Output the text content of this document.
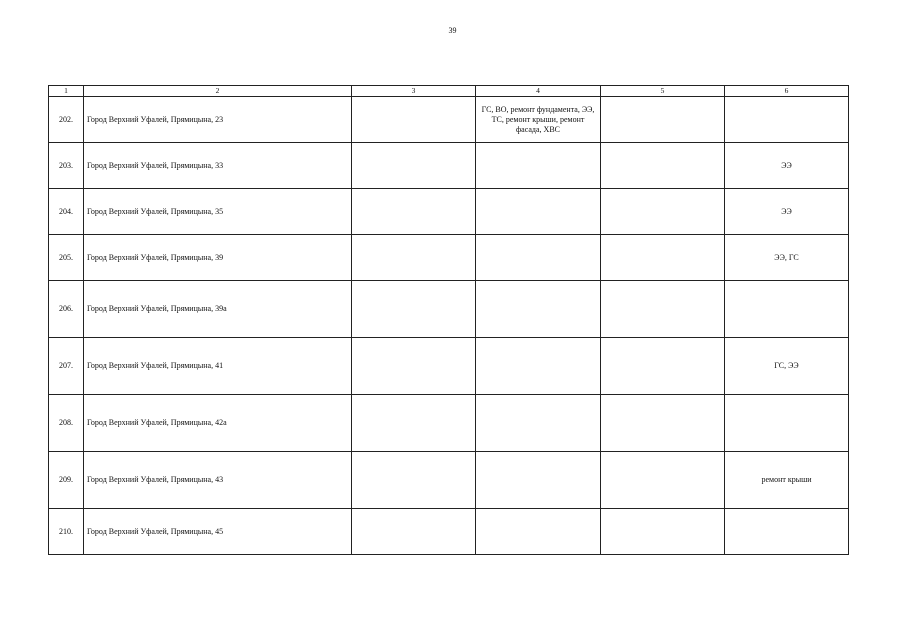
39
1	2	3	4	5	6
202.	Город Верхний Уфалей, Прямицына, 23		ГС, ВО, ремонт фундамента, ЭЭ, ТС, ремонт крыши, ремонт фасада, ХВС		
203.	Город Верхний Уфалей, Прямицына, 33				ЭЭ
204.	Город Верхний Уфалей, Прямицына, 35				ЭЭ
205.	Город Верхний Уфалей, Прямицына, 39				ЭЭ, ГС
206.	Город Верхний Уфалей, Прямицына, 39а				
207.	Город Верхний Уфалей, Прямицына, 41				ГС, ЭЭ
208.	Город Верхний Уфалей, Прямицына, 42а				
209.	Город Верхний Уфалей, Прямицына, 43				ремонт крыши
210.	Город Верхний Уфалей, Прямицына, 45				
